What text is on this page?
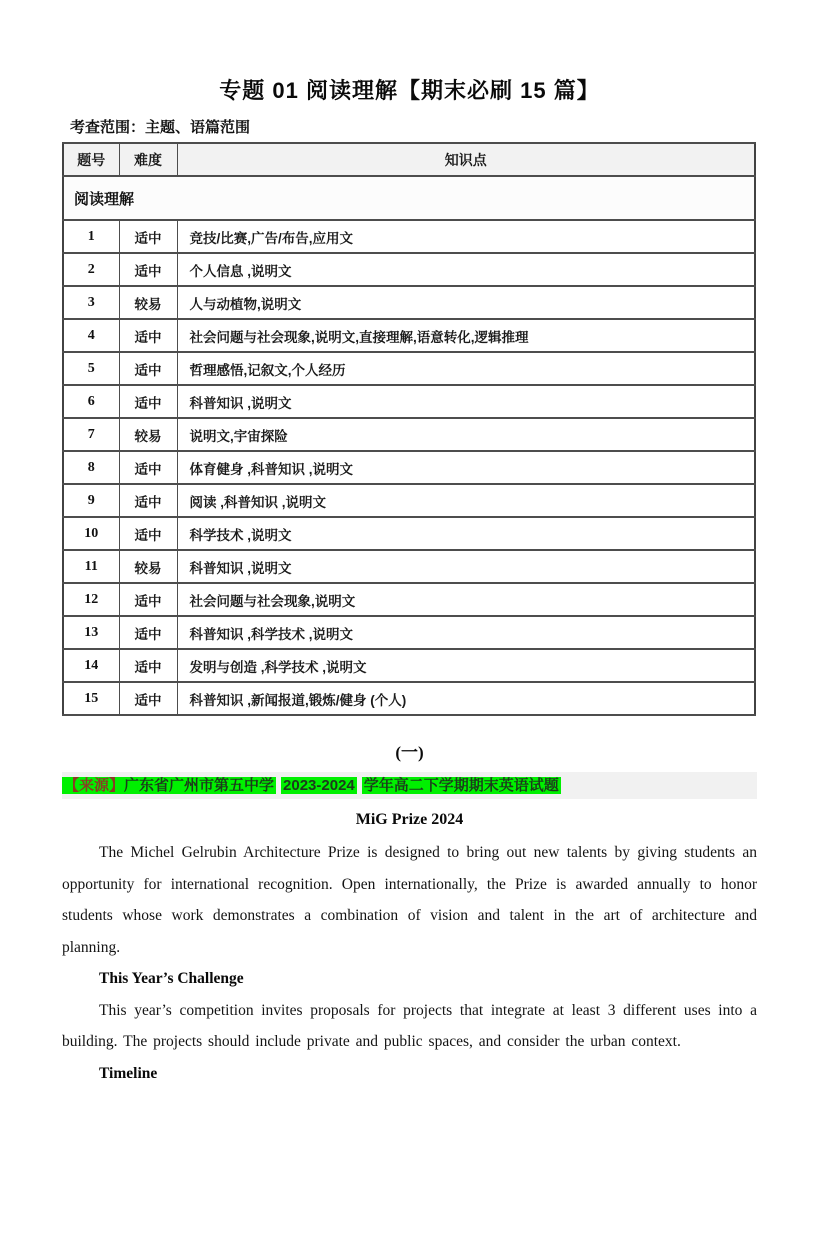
专题 01 阅读理解【期末必刷 15 篇】
考查范围：主题、语篇范围
题号	难度	知识点
阅读理解		
1	适中	竞技/比赛,广告/布告,应用文
2	适中	个人信息 ,说明文
3	较易	人与动植物,说明文
4	适中	社会问题与社会现象,说明文,直接理解,语意转化,逻辑推理
5	适中	哲理感悟,记叙文,个人经历
6	适中	科普知识 ,说明文
7	较易	说明文,宇宙探险
8	适中	体育健身 ,科普知识 ,说明文
9	适中	阅读 ,科普知识 ,说明文
10	适中	科学技术 ,说明文
11	较易	科普知识 ,说明文
12	适中	社会问题与社会现象,说明文
13	适中	科普知识 ,科学技术 ,说明文
14	适中	发明与创造 ,科学技术 ,说明文
15	适中	科普知识 ,新闻报道,锻炼/健身 (个人)
(一)
【来源】广东省广州市第五中学 2023-2024 学年高二下学期期末英语试题
MiG Prize 2024

The Michel Gelrubin Architecture Prize is designed to bring out new talents by giving students an opportunity for international recognition. Open internationally, the Prize is awarded annually to honor students whose work demonstrates a combination of vision and talent in the art of architecture and planning.

This Year’s Challenge

This year’s competition invites proposals for projects that integrate at least 3 different uses into a building. The projects should include private and public spaces, and consider the urban context.

Timeline
